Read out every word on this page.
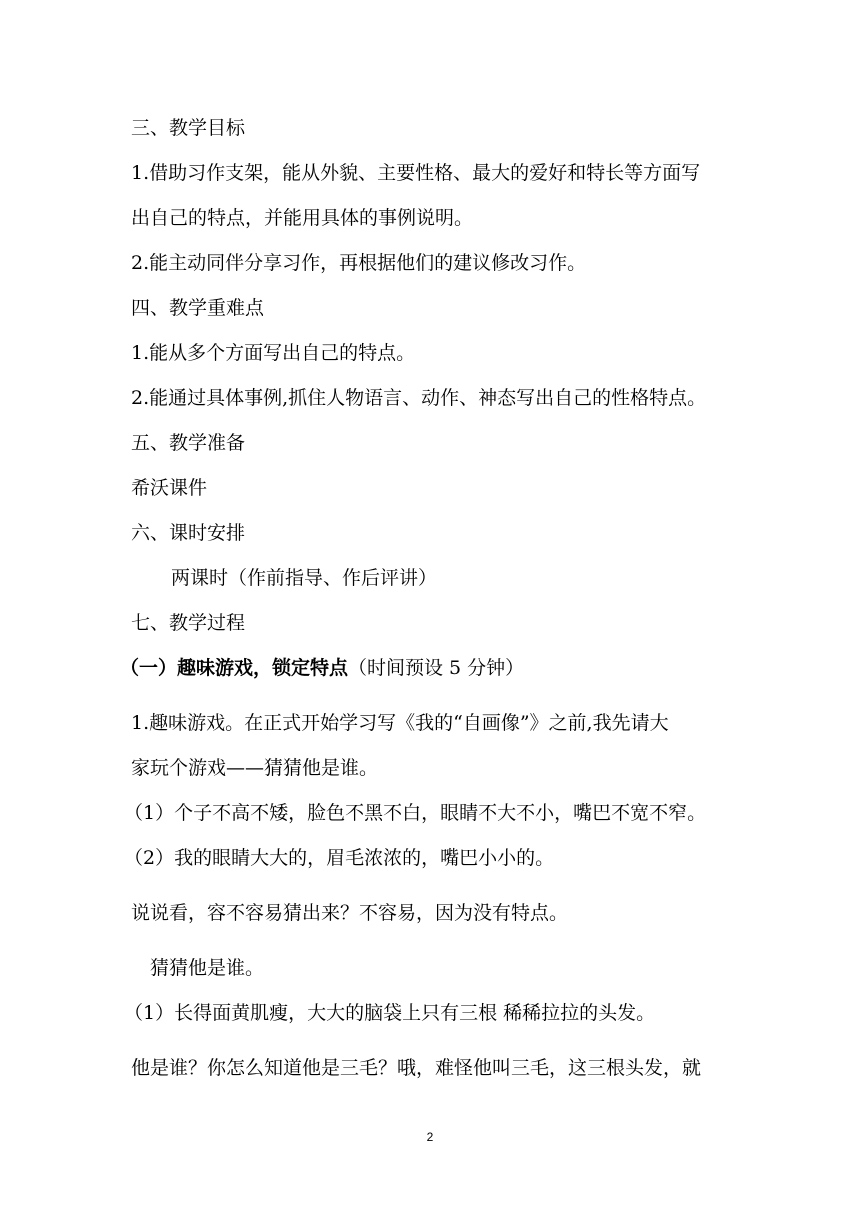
三、教学目标
1.借助习作支架，能从外貌、主要性格、最大的爱好和特长等方面写
出自己的特点，并能用具体的事例说明。
2.能主动同伴分享习作，再根据他们的建议修改习作。
四、教学重难点
1.能从多个方面写出自己的特点。
2.能通过具体事例,抓住人物语言、动作、神态写出自己的性格特点。
五、教学准备
希沃课件
六、课时安排
两课时（作前指导、作后评讲）
七、教学过程
（一）趣味游戏，锁定特点（时间预设 5 分钟）
1.趣味游戏。在正式开始学习写《我的“自画像”》之前,我先请大
家玩个游戏——猜猜他是谁。
（1）个子不高不矮，脸色不黑不白，眼睛不大不小，嘴巴不宽不窄。
（2）我的眼睛大大的，眉毛浓浓的，嘴巴小小的。
说说看，容不容易猜出来？不容易，因为没有特点。
猜猜他是谁。
（1）长得面黄肌瘦，大大的脑袋上只有三根 稀稀拉拉的头发。
他是谁？你怎么知道他是三毛？哦，难怪他叫三毛，这三根头发，就
2
